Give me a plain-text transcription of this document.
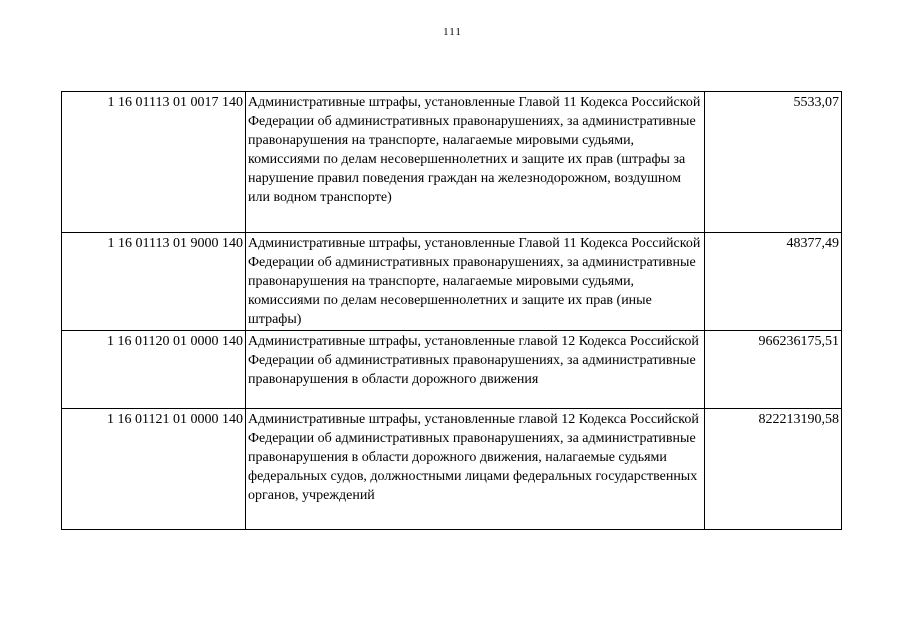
111
1 16 01113 01 0017 140	Административные штрафы, установленные Главой 11 Кодекса Российской Федерации об административных правонарушениях, за административные правонарушения на транспорте, налагаемые мировыми судьями, комиссиями по делам несовершеннолетних и защите их прав (штрафы за нарушение правил поведения граждан на железнодорожном, воздушном или водном транспорте)	5533,07
1 16 01113 01 9000 140	Административные штрафы, установленные Главой 11 Кодекса Российской Федерации об административных правонарушениях, за административные правонарушения на транспорте, налагаемые мировыми судьями, комиссиями по делам несовершеннолетних и защите их прав (иные штрафы)	48377,49
1 16 01120 01 0000 140	Административные штрафы, установленные главой 12 Кодекса Российской Федерации об административных правонарушениях, за административные правонарушения в области дорожного движения	966236175,51
1 16 01121 01 0000 140	Административные штрафы, установленные главой 12 Кодекса Российской Федерации об административных правонарушениях, за административные правонарушения в области дорожного движения, налагаемые судьями федеральных судов, должностными лицами федеральных государственных органов, учреждений	822213190,58
